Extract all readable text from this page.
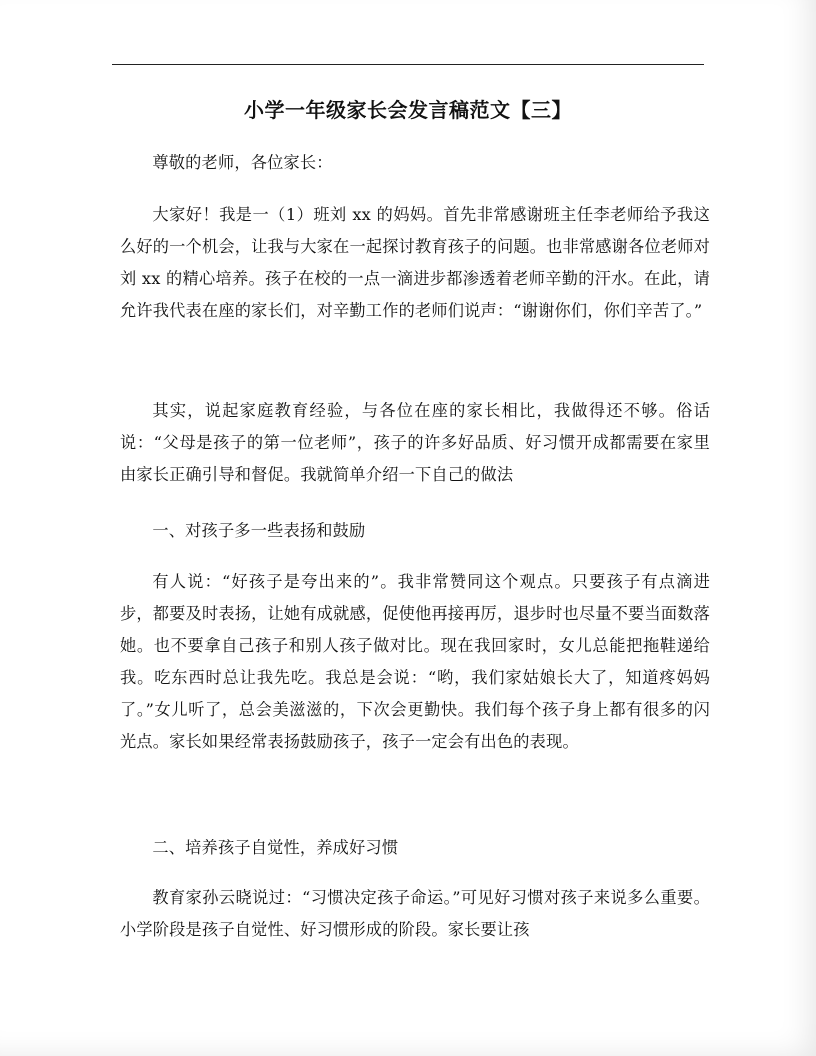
小学一年级家长会发言稿范文【三】

尊敬的老师，各位家长：

大家好！我是一（1）班刘 xx 的妈妈。首先非常感谢班主任李老师给予我这么好的一个机会，让我与大家在一起探讨教育孩子的问题。也非常感谢各位老师对刘 xx 的精心培养。孩子在校的一点一滴进步都渗透着老师辛勤的汗水。在此，请允许我代表在座的家长们，对辛勤工作的老师们说声：“谢谢你们，你们辛苦了。”

其实，说起家庭教育经验，与各位在座的家长相比，我做得还不够。俗话说：“父母是孩子的第一位老师”，孩子的许多好品质、好习惯开成都需要在家里由家长正确引导和督促。我就简单介绍一下自己的做法

一、对孩子多一些表扬和鼓励

有人说：“好孩子是夸出来的”。我非常赞同这个观点。只要孩子有点滴进步，都要及时表扬，让她有成就感，促使他再接再厉，退步时也尽量不要当面数落她。也不要拿自己孩子和别人孩子做对比。现在我回家时，女儿总能把拖鞋递给我。吃东西时总让我先吃。我总是会说：“哟，我们家姑娘长大了，知道疼妈妈了。”女儿听了，总会美滋滋的，下次会更勤快。我们每个孩子身上都有很多的闪光点。家长如果经常表扬鼓励孩子，孩子一定会有出色的表现。

二、培养孩子自觉性，养成好习惯

教育家孙云晓说过：“习惯决定孩子命运。”可见好习惯对孩子来说多么重要。小学阶段是孩子自觉性、好习惯形成的阶段。家长要让孩
